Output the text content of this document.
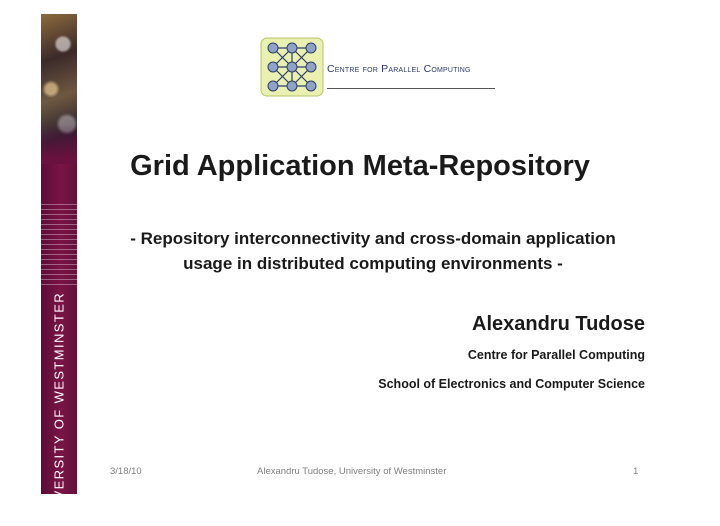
UNIVERSITY OF WESTMINSTER
Centre for Parallel Computing
Grid Application Meta-Repository
- Repository interconnectivity and cross-domain application
usage in distributed computing environments -
Alexandru Tudose
Centre for Parallel Computing
School of Electronics and Computer Science
3/18/10	Alexandru Tudose, University of Westminster	1
